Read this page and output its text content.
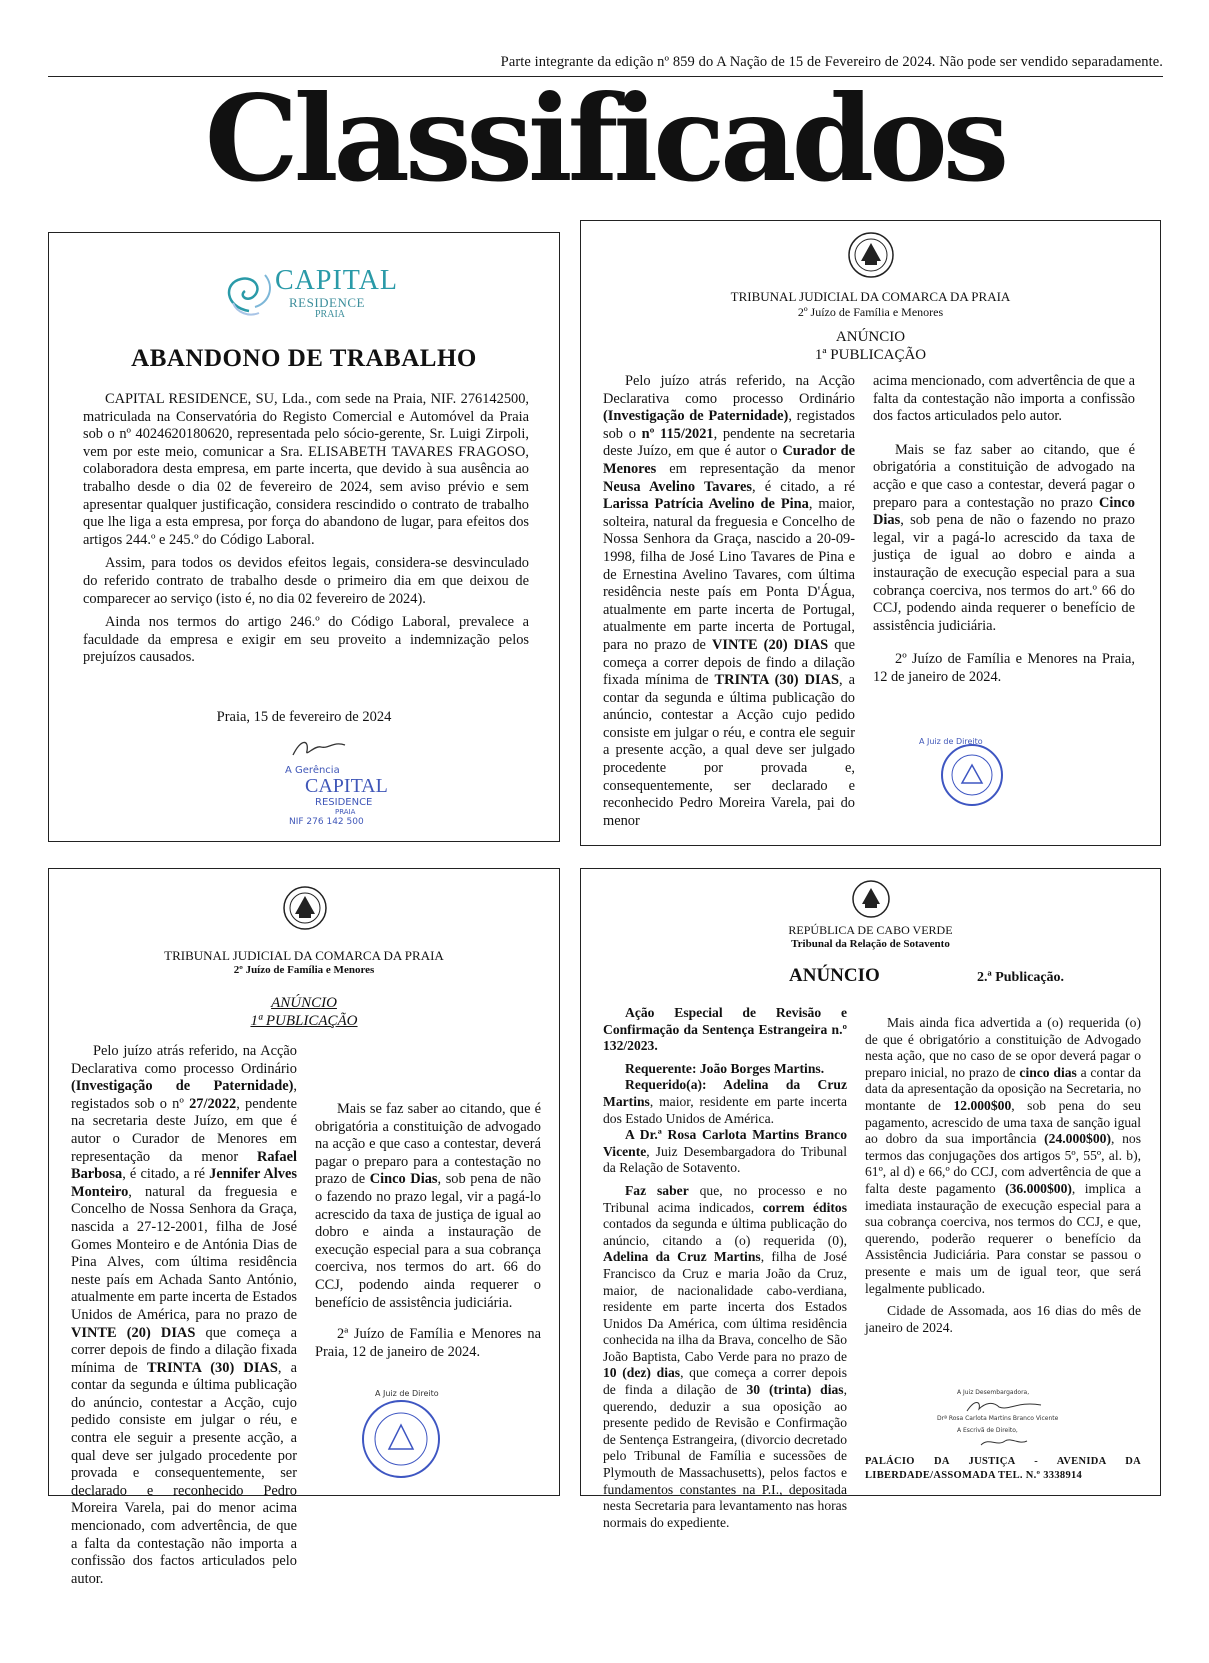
Parte integrante da edição nº 859 do A Nação de 15 de Fevereiro de 2024. Não pode ser vendido separadamente.
Classificados
CAPITAL
RESIDENCE
PRAIA
ABANDONO DE TRABALHO

CAPITAL RESIDENCE, SU, Lda., com sede na Praia, NIF. 276142500, matriculada na Conservatória do Registo Comercial e Automóvel da Praia sob o nº 4024620180620, representada pelo sócio-gerente, Sr. Luigi Zirpoli, vem por este meio, comunicar a Sra. ELISABETH TAVARES FRAGOSO, colaboradora desta empresa, em parte incerta, que devido à sua ausência ao trabalho desde o dia 02 de fevereiro de 2024, sem aviso prévio e sem apresentar qualquer justificação, considera rescindido o contrato de trabalho que lhe liga a esta empresa, por força do abandono de lugar, para efeitos dos artigos 244.º e 245.º do Código Laboral.

Assim, para todos os devidos efeitos legais, considera-se desvinculado do referido contrato de trabalho desde o primeiro dia em que deixou de comparecer ao serviço (isto é, no dia 02 fevereiro de 2024).

Ainda nos termos do artigo 246.º do Código Laboral, prevalece a faculdade da empresa e exigir em seu proveito a indemnização pelos prejuízos causados.

Praia, 15 de fevereiro de 2024
A Gerência
CAPITAL
RESIDENCE
PRAIA
NIF 276 142 500
TRIBUNAL JUDICIAL DA COMARCA DA PRAIA
2º Juízo de Família e Menores
ANÚNCIO
1ª PUBLICAÇÃO

Pelo juízo atrás referido, na Acção Declarativa como processo Ordinário (Investigação de Paternidade), registados sob o nº 115/2021, pendente na secretaria deste Juízo, em que é autor o Curador de Menores em representação da menor Neusa Avelino Tavares, é citado, a ré Larissa Patrícia Avelino de Pina, maior, solteira, natural da freguesia e Concelho de Nossa Senhora da Graça, nascido a 20-09-1998, filha de José Lino Tavares de Pina e de Ernestina Avelino Tavares, com última residência neste país em Ponta D'Água, atualmente em parte incerta de Portugal, atualmente em parte incerta de Portugal, para no prazo de VINTE (20) DIAS que começa a correr depois de findo a dilação fixada mínima de TRINTA (30) DIAS, a contar da segunda e última publicação do anúncio, contestar a Acção cujo pedido consiste em julgar o réu, e contra ele seguir a presente acção, a qual deve ser julgado procedente por provada e, consequentemente, ser declarado e reconhecido Pedro Moreira Varela, pai do menor

acima mencionado, com advertência de que a falta da contestação não importa a confissão dos factos articulados pelo autor.

Mais se faz saber ao citando, que é obrigatória a constituição de advogado na acção e que caso a contestar, deverá pagar o preparo para a contestação no prazo Cinco Dias, sob pena de não o fazendo no prazo legal, vir a pagá-lo acrescido da taxa de justiça de igual ao dobro e ainda a instauração de execução especial para a sua cobrança coerciva, nos termos do art.º 66 do CCJ, podendo ainda requerer o benefício de assistência judiciária.

2º Juízo de Família e Menores na Praia, 12 de janeiro de 2024.

A Juiz de Direito
TRIBUNAL JUDICIAL DA COMARCA DA PRAIA
2º Juízo de Família e Menores
ANÚNCIO
1ª PUBLICAÇÃO

Pelo juízo atrás referido, na Acção Declarativa como processo Ordinário (Investigação de Paternidade), registados sob o nº 27/2022, pendente na secretaria deste Juízo, em que é autor o Curador de Menores em representação da menor Rafael Barbosa, é citado, a ré Jennifer Alves Monteiro, natural da freguesia e Concelho de Nossa Senhora da Graça, nascida a 27-12-2001, filha de José Gomes Monteiro e de Antónia Dias de Pina Alves, com última residência neste país em Achada Santo António, atualmente em parte incerta de Estados Unidos de América, para no prazo de VINTE (20) DIAS que começa a correr depois de findo a dilação fixada mínima de TRINTA (30) DIAS, a contar da segunda e última publicação do anúncio, contestar a Acção, cujo pedido consiste em julgar o réu, e contra ele seguir a presente acção, a qual deve ser julgado procedente por provada e consequentemente, ser declarado e reconhecido Pedro Moreira Varela, pai do menor acima mencionado, com advertência, de que a falta da contestação não importa a confissão dos factos articulados pelo autor.

Mais se faz saber ao citando, que é obrigatória a constituição de advogado na acção e que caso a contestar, deverá pagar o preparo para a contestação no prazo de Cinco Dias, sob pena de não o fazendo no prazo legal, vir a pagá-lo acrescido da taxa de justiça de igual ao dobro e ainda a instauração de execução especial para a sua cobrança coerciva, nos termos do art. 66 do CCJ, podendo ainda requerer o benefício de assistência judiciária.

2ª Juízo de Família e Menores na Praia, 12 de janeiro de 2024.

A Juiz de Direito
REPÚBLICA DE CABO VERDE
Tribunal da Relação de Sotavento
ANÚNCIO	2.ª Publicação.

Ação Especial de Revisão e Confirmação da Sentença Estrangeira n.º 132/2023.

Requerente: João Borges Martins.

Requerido(a): Adelina da Cruz Martins, maior, residente em parte incerta dos Estado Unidos de América.

A Dr.ª Rosa Carlota Martins Branco Vicente, Juiz Desembargadora do Tribunal da Relação de Sotavento.

Faz saber que, no processo e no Tribunal acima indicados, correm éditos contados da segunda e última publicação do anúncio, citando a (o) requerida (0), Adelina da Cruz Martins, filha de José Francisco da Cruz e maria João da Cruz, maior, de nacionalidade cabo-verdiana, residente em parte incerta dos Estados Unidos Da América, com última residência conhecida na ilha da Brava, concelho de São João Baptista, Cabo Verde para no prazo de 10 (dez) dias, que começa a correr depois de finda a dilação de 30 (trinta) dias, querendo, deduzir a sua oposição ao presente pedido de Revisão e Confirmação de Sentença Estrangeira, (divorcio decretado pelo Tribunal de Família e sucessões de Plymouth de Massachusetts), pelos factos e fundamentos constantes na P.I., depositada nesta Secretaria para levantamento nas horas normais do expediente.

Mais ainda fica advertida a (o) requerida (o) de que é obrigatório a constituição de Advogado nesta ação, que no caso de se opor deverá pagar o preparo inicial, no prazo de cinco dias a contar da data da apresentação da oposição na Secretaria, no montante de 12.000$00, sob pena do seu pagamento, acrescido de uma taxa de sanção igual ao dobro da sua importância (24.000$00), nos termos das conjugações dos artigos 5º, 55º, al. b), 61º, al d) e 66,º do CCJ, com advertência de que a falta deste pagamento (36.000$00), implica a imediata instauração de execução especial para a sua cobrança coerciva, nos termos do CCJ, e que, querendo, poderão requerer o benefício da Assistência Judiciária. Para constar se passou o presente e mais um de igual teor, que será legalmente publicado.

Cidade de Assomada, aos 16 dias do mês de janeiro de 2024.

A Juiz Desembargadora,
Drª Rosa Carlota Martins Branco Vicente
A Escrivã de Direito,
PALÁCIO DA JUSTIÇA - AVENIDA DA LIBERDADE/ASSOMADA TEL. N.º 3338914
